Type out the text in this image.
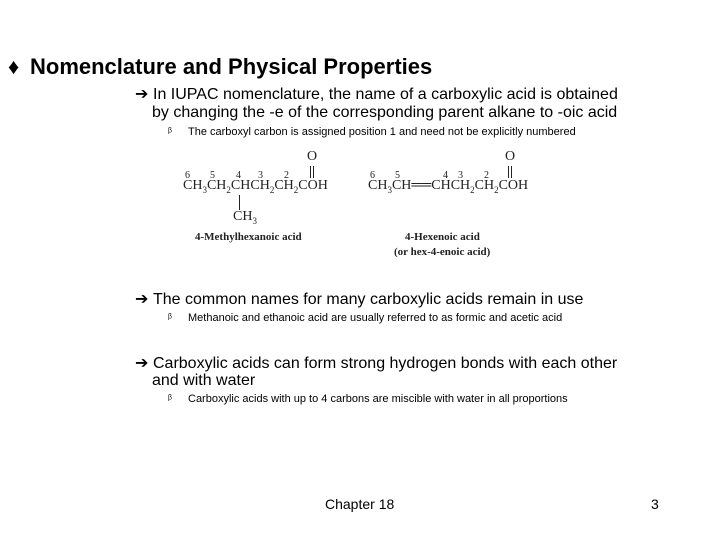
♦ Nomenclature and Physical Properties
➔ In IUPAC nomenclature, the name of a carboxylic acid is obtained
by changing the -e of the corresponding parent alkane to -oic acid
ᵝ The carboxyl carbon is assigned position 1 and need not be explicitly numbered
6 5 4 3 2
O
$CH_3CH_2CHCH_2CH_2COH$
$CH_3$
4-Methylhexanoic acid
6 5	4 3 2
O
$CH_3CH══CHCH_2CH_2COH$
4-Hexenoic acid
(or hex-4-enoic acid)
➔ The common names for many carboxylic acids remain in use
ᵝ Methanoic and ethanoic acid are usually referred to as formic and acetic acid
➔ Carboxylic acids can form strong hydrogen bonds with each other
and with water
ᵝ Carboxylic acids with up to 4 carbons are miscible with water in all proportions
Chapter 18	3
